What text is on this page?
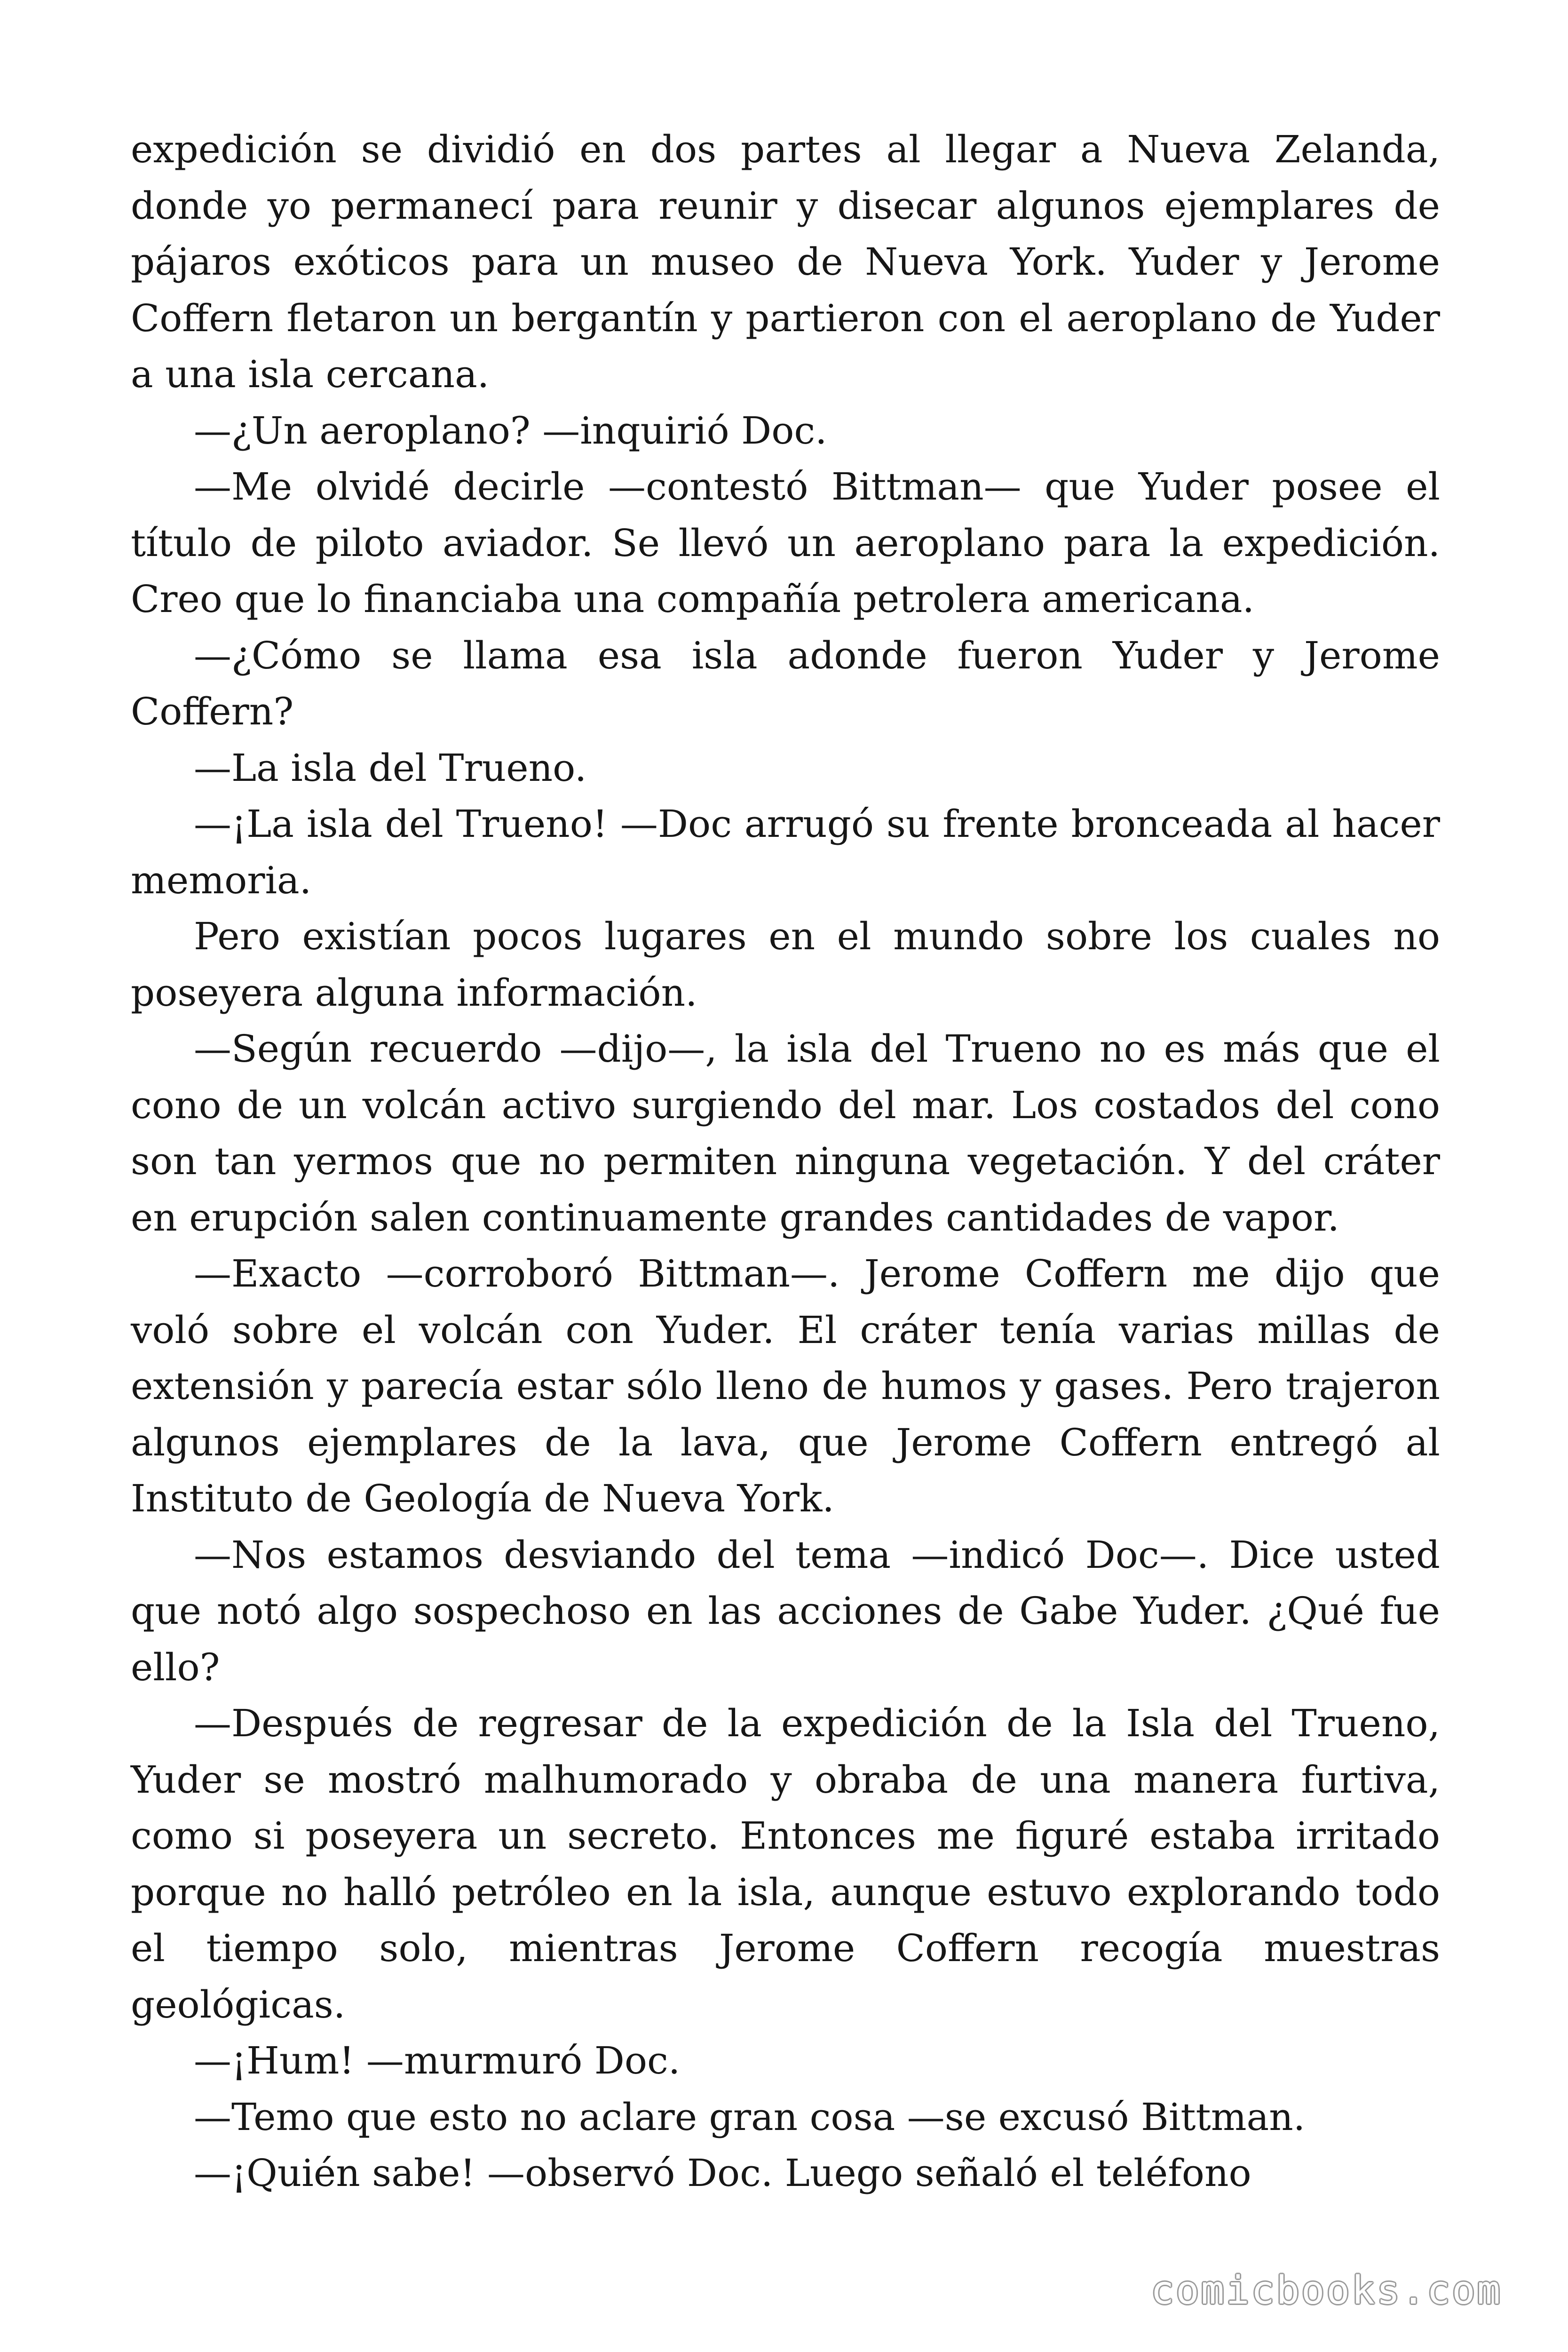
expedición se dividió en dos partes al llegar a Nueva Zelanda, donde yo permanecí para reunir y disecar algunos ejemplares de pájaros exóticos para un museo de Nueva York. Yuder y Jerome Coffern fletaron un bergantín y partieron con el aeroplano de Yuder a una isla cercana.

—¿Un aeroplano? —inquirió Doc.

—Me olvidé decirle —contestó Bittman— que Yuder posee el título de piloto aviador. Se llevó un aeroplano para la expedición. Creo que lo financiaba una compañía petrolera americana.

—¿Cómo se llama esa isla adonde fueron Yuder y Jerome Coffern?

—La isla del Trueno.

—¡La isla del Trueno! —Doc arrugó su frente bronceada al hacer memoria.

Pero existían pocos lugares en el mundo sobre los cuales no poseyera alguna información.

—Según recuerdo —dijo—, la isla del Trueno no es más que el cono de un volcán activo surgiendo del mar. Los costados del cono son tan yermos que no permiten ninguna vegetación. Y del cráter en erupción salen continuamente grandes cantidades de vapor.

—Exacto —corroboró Bittman—. Jerome Coffern me dijo que voló sobre el volcán con Yuder. El cráter tenía varias millas de extensión y parecía estar sólo lleno de humos y gases. Pero trajeron algunos ejemplares de la lava, que Jerome Coffern entregó al Instituto de Geología de Nueva York.

—Nos estamos desviando del tema —indicó Doc—. Dice usted que notó algo sospechoso en las acciones de Gabe Yuder. ¿Qué fue ello?

—Después de regresar de la expedición de la Isla del Trueno, Yuder se mostró malhumorado y obraba de una manera furtiva, como si poseyera un secreto. Entonces me figuré estaba irritado porque no halló petróleo en la isla, aunque estuvo explorando todo el tiempo solo, mientras Jerome Coffern recogía muestras geológicas.

—¡Hum! —murmuró Doc.

—Temo que esto no aclare gran cosa —se excusó Bittman.

—¡Quién sabe! —observó Doc. Luego señaló el teléfono

comicbooks.com
